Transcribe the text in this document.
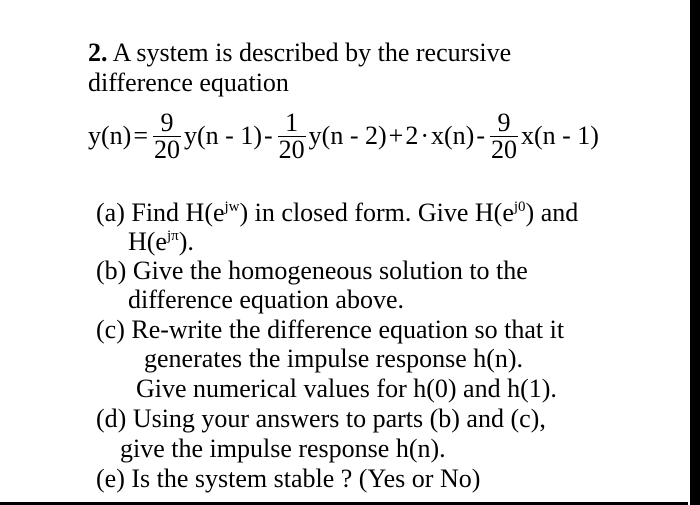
2. A system is described by the recursive
difference equation
$y(n) = \frac{9}{20} y(n - 1) - \frac{1}{20} y(n - 2) + 2 \cdot x(n) - \frac{9}{20} x(n - 1)$
(a) Find $H(e^{jw})$ in closed form. Give $H(e^{j0})$ and
$H(e^{j\pi})$.
(b) Give the homogeneous solution to the
difference equation above.
(c) Re-write the difference equation so that it
generates the impulse response h(n).
Give numerical values for h(0) and h(1).
(d) Using your answers to parts (b) and (c),
give the impulse response h(n).
(e) Is the system stable ? (Yes or No)
